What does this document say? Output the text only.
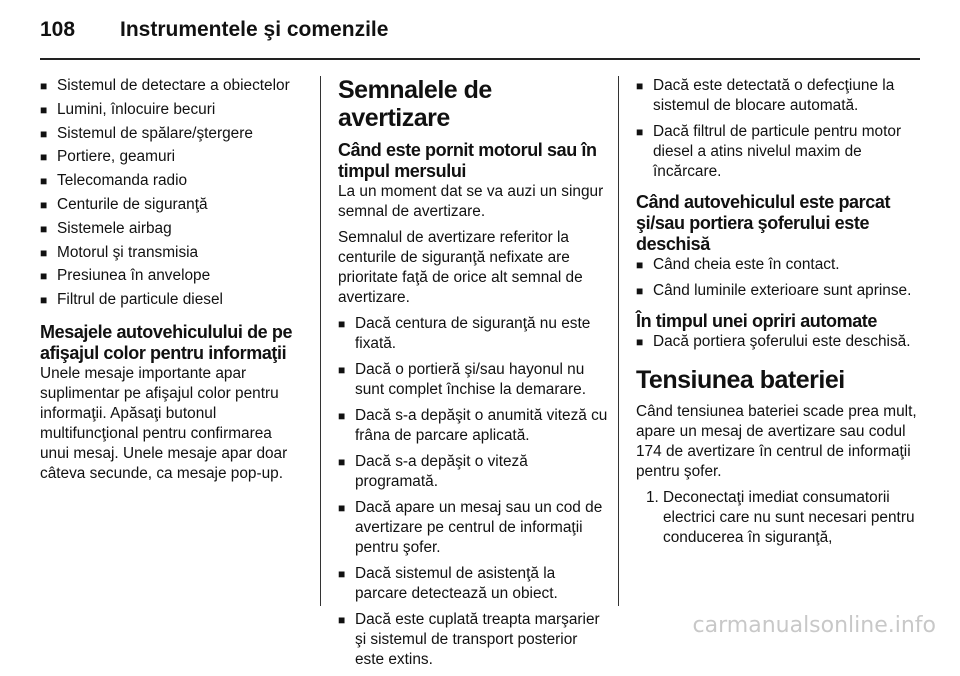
108 Instrumentele şi comenzile
■ Sistemul de detectare a obiectelor
■ Lumini, înlocuire becuri
■ Sistemul de spălare/ştergere
■ Portiere, geamuri
■ Telecomanda radio
■ Centurile de siguranţă
■ Sistemele airbag
■ Motorul şi transmisia
■ Presiunea în anvelope
■ Filtrul de particule diesel
Mesajele autovehiculului de pe afişajul color pentru informaţii

Unele mesaje importante apar suplimentar pe afişajul color pentru informaţii. Apăsaţi butonul multifuncţional pentru confirmarea unui mesaj. Unele mesaje apar doar câteva secunde, ca mesaje pop-up.

Semnalele de avertizare
Când este pornit motorul sau în timpul mersului

La un moment dat se va auzi un singur semnal de avertizare.

Semnalul de avertizare referitor la centurile de siguranţă nefixate are prioritate faţă de orice alt semnal de avertizare.

■ Dacă centura de siguranţă nu este fixată.
■ Dacă o portieră şi/sau hayonul nu sunt complet închise la demarare.
■ Dacă s-a depăşit o anumită viteză cu frâna de parcare aplicată.
■ Dacă s-a depăşit o viteză programată.
■ Dacă apare un mesaj sau un cod de avertizare pe centrul de informaţii pentru şofer.
■ Dacă sistemul de asistenţă la parcare detectează un obiect.
■ Dacă este cuplată treapta marşarier şi sistemul de transport posterior este extins.
■ Dacă este detectată o defecţiune la sistemul de blocare automată.
■ Dacă filtrul de particule pentru motor diesel a atins nivelul maxim de încărcare.
Când autovehiculul este parcat şi/sau portiera şoferului este deschisă
■ Când cheia este în contact.
■ Când luminile exterioare sunt aprinse.
În timpul unei opriri automate
■ Dacă portiera şoferului este deschisă.
Tensiunea bateriei

Când tensiunea bateriei scade prea mult, apare un mesaj de avertizare sau codul 174 de avertizare în centrul de informaţii pentru şofer.

1. Deconectaţi imediat consumatorii electrici care nu sunt necesari pentru conducerea în siguranţă,
carmanualsonline.info
